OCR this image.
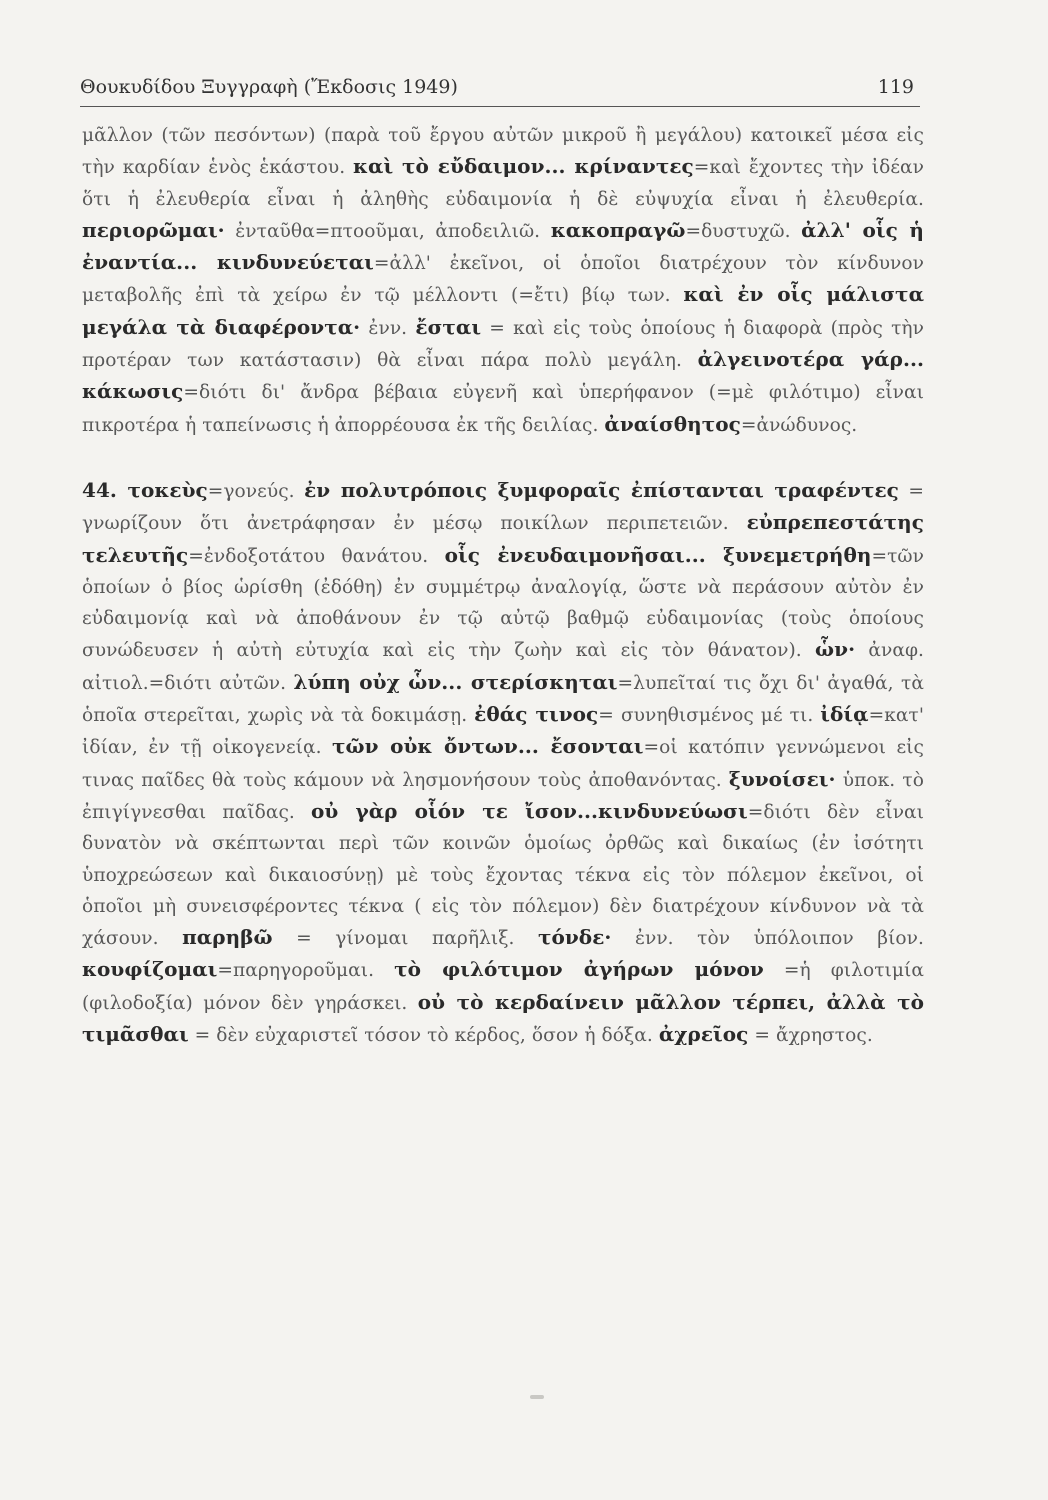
Θουκυδίδου Ξυγγραφὴ (Ἔκδοσις 1949)	119

μᾶλλον (τῶν πεσόντων) (παρὰ τοῦ ἔργου αὐτῶν μικροῦ ἢ μεγάλου) κατοικεῖ μέσα εἰς τὴν καρδίαν ἑνὸς ἑκάστου. καὶ τὸ εὔδαιμον... κρίναντες=καὶ ἔχοντες τὴν ἰδέαν ὅτι ἡ ἐλευθερία εἶναι ἡ ἀληθὴς εὐδαιμονία ἡ δὲ εὐψυχία εἶναι ἡ ἐλευθερία. περιορῶμαι· ἐνταῦθα=πτοοῦμαι, ἀποδειλιῶ. κακοπραγῶ=δυστυχῶ. ἀλλ' οἷς ἡ ἐναντία... κινδυνεύεται=ἀλλ' ἐκεῖνοι, οἱ ὁποῖοι διατρέχουν τὸν κίνδυνον μεταβολῆς ἐπὶ τὰ χείρω ἐν τῷ μέλλοντι (=ἔτι) βίῳ των. καὶ ἐν οἷς μάλιστα μεγάλα τὰ διαφέροντα· ἐνν. ἔσται = καὶ εἰς τοὺς ὁποίους ἡ διαφορὰ (πρὸς τὴν προτέραν των κατάστασιν) θὰ εἶναι πάρα πολὺ μεγάλη. ἀλγεινοτέρα γάρ... κάκωσις=διότι δι' ἄνδρα βέβαια εὐγενῆ καὶ ὑπερήφανον (=μὲ φιλότιμο) εἶναι πικροτέρα ἡ ταπείνωσις ἡ ἀπορρέουσα ἐκ τῆς δειλίας. ἀναίσθητος=ἀνώδυνος.

44. τοκεὺς=γονεύς. ἐν πολυτρόποις ξυμφοραῖς ἐπίστανται τραφέντες = γνωρίζουν ὅτι ἀνετράφησαν ἐν μέσῳ ποικίλων περιπετειῶν. εὐπρεπεστάτης τελευτῆς=ἐνδοξοτάτου θανάτου. οἷς ἐνευδαιμονῆσαι... ξυνεμετρήθη=τῶν ὁποίων ὁ βίος ὡρίσθη (ἐδόθη) ἐν συμμέτρῳ ἀναλογίᾳ, ὥστε νὰ περάσουν αὐτὸν ἐν εὐδαιμονίᾳ καὶ νὰ ἀποθάνουν ἐν τῷ αὐτῷ βαθμῷ εὐδαιμονίας (τοὺς ὁποίους συνώδευσεν ἡ αὐτὴ εὐτυχία καὶ εἰς τὴν ζωὴν καὶ εἰς τὸν θάνατον). ὧν· ἀναφ. αἰτιολ.=διότι αὐτῶν. λύπη οὐχ ὧν... στερίσκηται=λυπεῖταί τις ὄχι δι' ἀγαθά, τὰ ὁποῖα στερεῖται, χωρὶς νὰ τὰ δοκιμάσῃ. ἐθάς τινος= συνηθισμένος μέ τι. ἰδίᾳ=κατ' ἰδίαν, ἐν τῇ οἰκογενείᾳ. τῶν οὐκ ὄντων... ἔσονται=οἱ κατόπιν γεννώμενοι εἰς τινας παῖδες θὰ τοὺς κάμουν νὰ λησμονήσουν τοὺς ἀποθανόντας. ξυνοίσει· ὑποκ. τὸ ἐπιγίγνεσθαι παῖδας. οὐ γὰρ οἷόν τε ἴσον...κινδυνεύωσι=διότι δὲν εἶναι δυνατὸν νὰ σκέπτωνται περὶ τῶν κοινῶν ὁμοίως ὀρθῶς καὶ δικαίως (ἐν ἰσότητι ὑποχρεώσεων καὶ δικαιοσύνῃ) μὲ τοὺς ἔχοντας τέκνα εἰς τὸν πόλεμον ἐκεῖνοι, οἱ ὁποῖοι μὴ συνεισφέροντες τέκνα ( εἰς τὸν πόλεμον) δὲν διατρέχουν κίνδυνον νὰ τὰ χάσουν. παρηβῶ = γίνομαι παρῆλιξ. τόνδε· ἐνν. τὸν ὑπόλοιπον βίον. κουφίζομαι=παρηγοροῦμαι. τὸ φιλότιμον ἀγήρων μόνον =ἡ φιλοτιμία (φιλοδοξία) μόνον δὲν γηράσκει. οὐ τὸ κερδαίνειν μᾶλλον τέρπει, ἀλλὰ τὸ τιμᾶσθαι = δὲν εὐχαριστεῖ τόσον τὸ κέρδος, ὅσον ἡ δόξα. ἀχρεῖος = ἄχρηστος.
